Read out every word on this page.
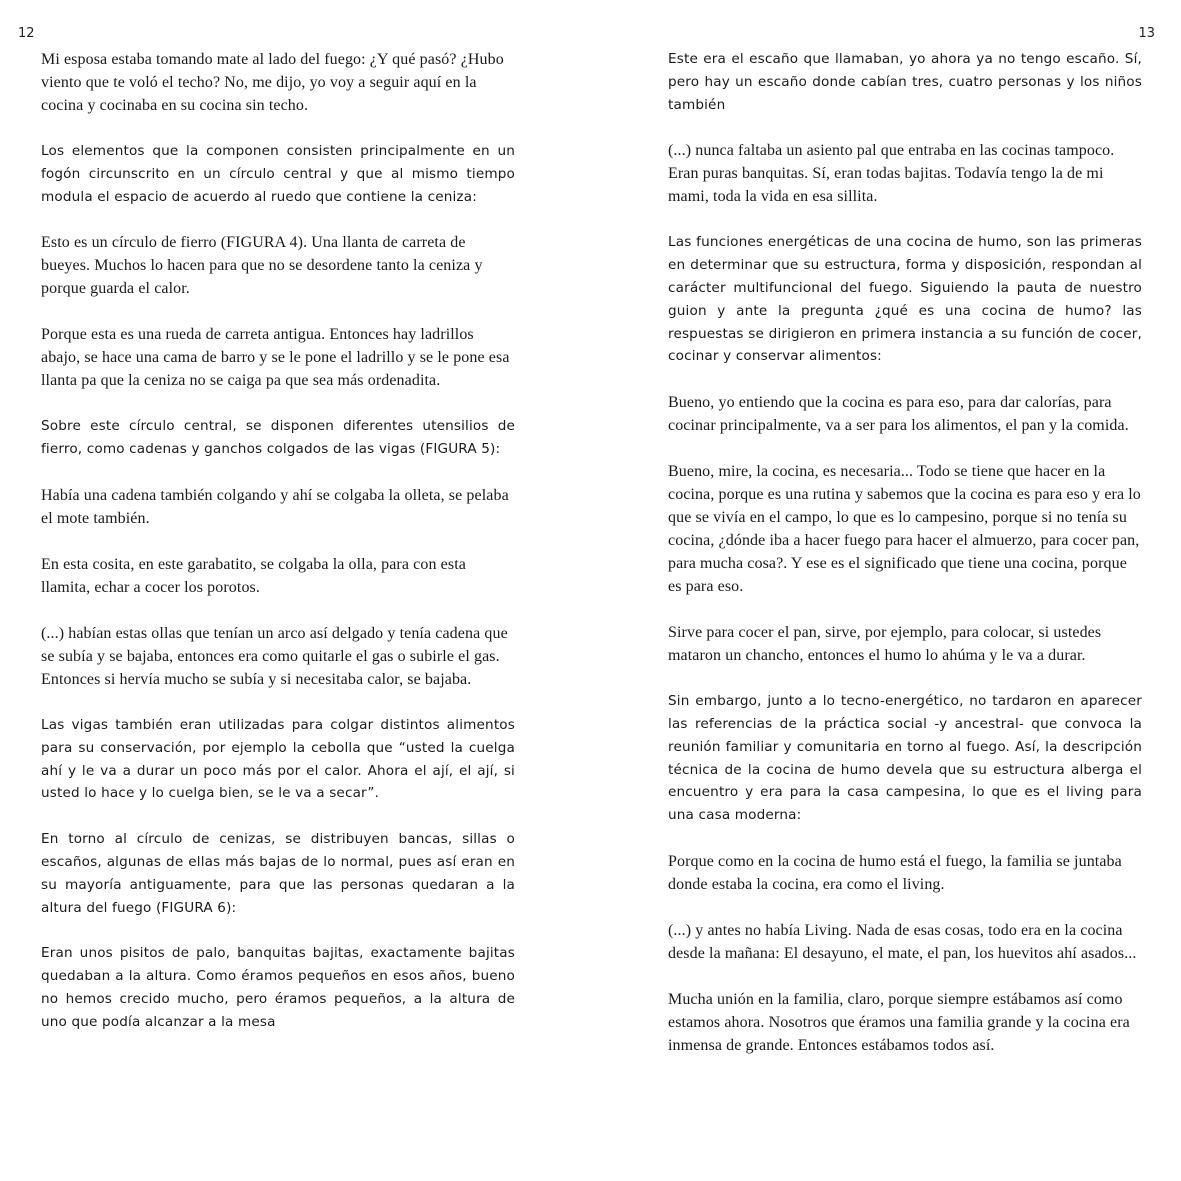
12	13

Mi esposa estaba tomando mate al lado del fuego: ¿Y qué pasó? ¿Hubo viento que te voló el techo? No, me dijo, yo voy a seguir aquí en la cocina y cocinaba en su cocina sin techo.

Los elementos que la componen consisten principalmente en un fogón circunscrito en un círculo central y que al mismo tiempo modula el espacio de acuerdo al ruedo que contiene la ceniza:

Esto es un círculo de fierro (FIGURA 4). Una llanta de carreta de bueyes. Muchos lo hacen para que no se desordene tanto la ceniza y porque guarda el calor.

Porque esta es una rueda de carreta antigua. Entonces hay ladrillos abajo, se hace una cama de barro y se le pone el ladrillo y se le pone esa llanta pa que la ceniza no se caiga pa que sea más ordenadita.

Sobre este círculo central, se disponen diferentes utensilios de fierro, como cadenas y ganchos colgados de las vigas (FIGURA 5):

Había una cadena también colgando y ahí se colgaba la olleta, se pelaba el mote también.

En esta cosita, en este garabatito, se colgaba la olla, para con esta llamita, echar a cocer los porotos.

(...) habían estas ollas que tenían un arco así delgado y tenía cadena que se subía y se bajaba, entonces era como quitarle el gas o subirle el gas. Entonces si hervía mucho se subía y si necesitaba calor, se bajaba.

Las vigas también eran utilizadas para colgar distintos alimentos para su conservación, por ejemplo la cebolla que “usted la cuelga ahí y le va a durar un poco más por el calor. Ahora el ají, el ají, si usted lo hace y lo cuelga bien, se le va a secar”.

En torno al círculo de cenizas, se distribuyen bancas, sillas o escaños, algunas de ellas más bajas de lo normal, pues así eran en su mayoría antiguamente, para que las personas quedaran a la altura del fuego (FIGURA 6):

Eran unos pisitos de palo, banquitas bajitas, exactamente bajitas quedaban a la altura. Como éramos pequeños en esos años, bueno no hemos crecido mucho, pero éramos pequeños, a la altura de uno que podía alcanzar a la mesa

Este era el escaño que llamaban, yo ahora ya no tengo escaño. Sí, pero hay un escaño donde cabían tres, cuatro personas y los niños también

(...) nunca faltaba un asiento pal que entraba en las cocinas tampoco. Eran puras banquitas. Sí, eran todas bajitas. Todavía tengo la de mi mami, toda la vida en esa sillita.

Las funciones energéticas de una cocina de humo, son las primeras en determinar que su estructura, forma y disposición, respondan al carácter multifuncional del fuego. Siguiendo la pauta de nuestro guion y ante la pregunta ¿qué es una cocina de humo? las respuestas se dirigieron en primera instancia a su función de cocer, cocinar y conservar alimentos:

Bueno, yo entiendo que la cocina es para eso, para dar calorías, para cocinar principalmente, va a ser para los alimentos, el pan y la comida.

Bueno, mire, la cocina, es necesaria... Todo se tiene que hacer en la cocina, porque es una rutina y sabemos que la cocina es para eso y era lo que se vivía en el campo, lo que es lo campesino, porque si no tenía su cocina, ¿dónde iba a hacer fuego para hacer el almuerzo, para cocer pan, para mucha cosa?. Y ese es el significado que tiene una cocina, porque es para eso.

Sirve para cocer el pan, sirve, por ejemplo, para colocar, si ustedes mataron un chancho, entonces el humo lo ahúma y le va a durar.

Sin embargo, junto a lo tecno-energético, no tardaron en aparecer las referencias de la práctica social -y ancestral- que convoca la reunión familiar y comunitaria en torno al fuego. Así, la descripción técnica de la cocina de humo devela que su estructura alberga el encuentro y era para la casa campesina, lo que es el living para una casa moderna:

Porque como en la cocina de humo está el fuego, la familia se juntaba donde estaba la cocina, era como el living.

(...) y antes no había Living. Nada de esas cosas, todo era en la cocina desde la mañana: El desayuno, el mate, el pan, los huevitos ahí asados...

Mucha unión en la familia, claro, porque siempre estábamos así como estamos ahora. Nosotros que éramos una familia grande y la cocina era inmensa de grande. Entonces estábamos todos así.
